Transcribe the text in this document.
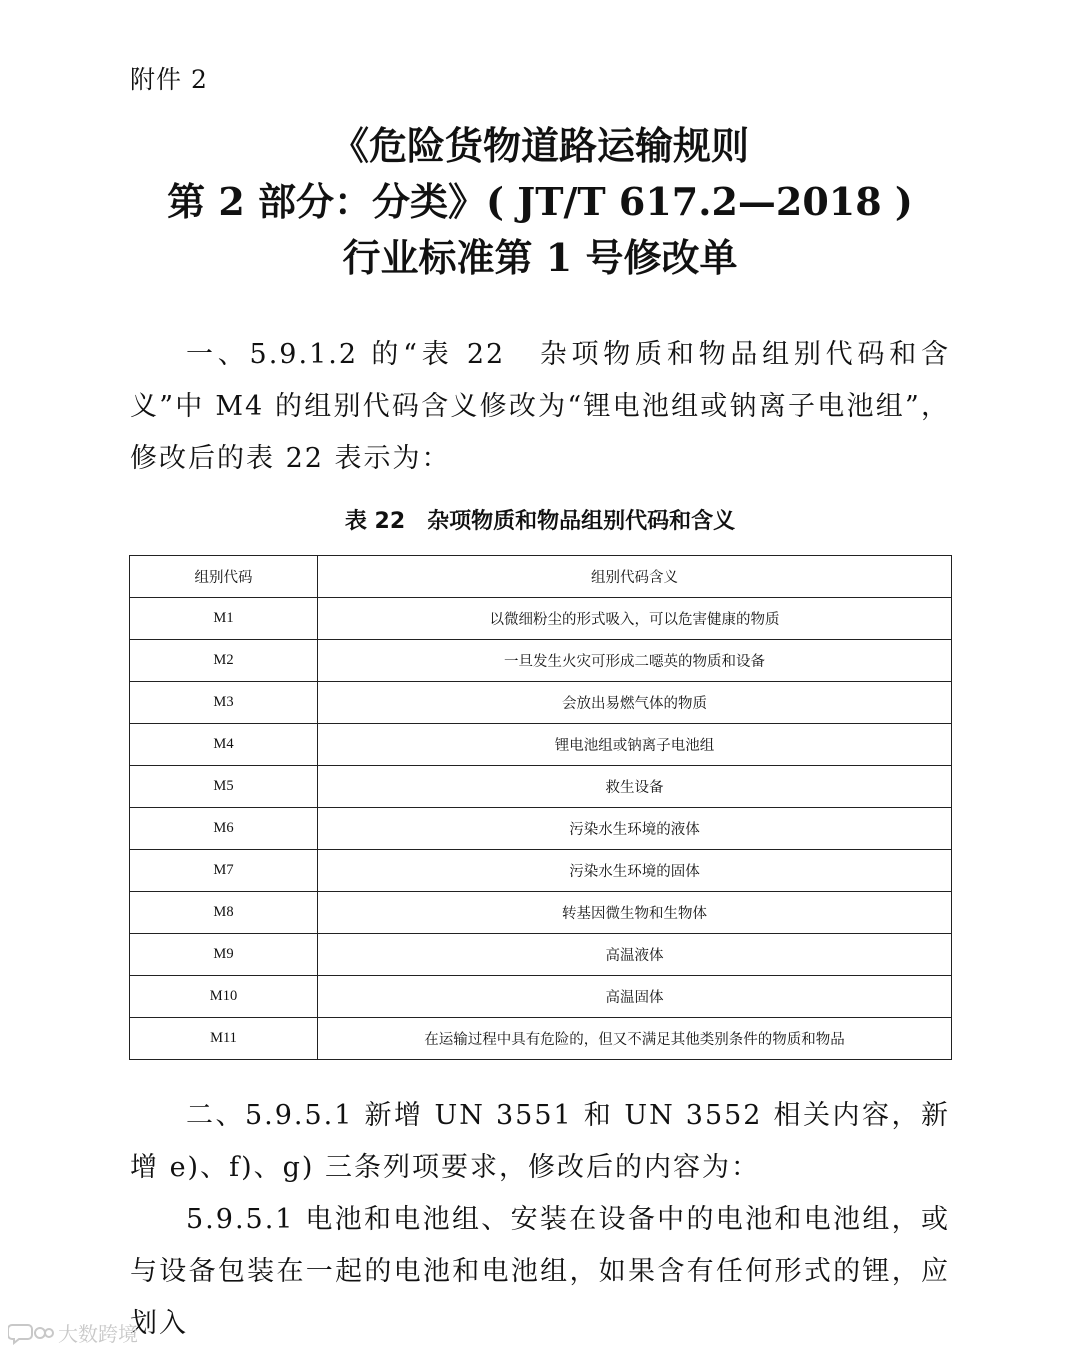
附件 2
《危险货物道路运输规则
第 2 部分：分类》( JT/T 617.2—2018 )
行业标准第 1 号修改单
一、5.9.1.2 的“表 22　杂项物质和物品组别代码和含义”中 M4 的组别代码含义修改为“锂电池组或钠离子电池组”，修改后的表 22 表示为：
表 22　杂项物质和物品组别代码和含义
组别代码	组别代码含义
M1	以微细粉尘的形式吸入，可以危害健康的物质
M2	一旦发生火灾可形成二噁英的物质和设备
M3	会放出易燃气体的物质
M4	锂电池组或钠离子电池组
M5	救生设备
M6	污染水生环境的液体
M7	污染水生环境的固体
M8	转基因微生物和生物体
M9	高温液体
M10	高温固体
M11	在运输过程中具有危险的，但又不满足其他类别条件的物质和物品
二、5.9.5.1 新增 UN 3551 和 UN 3552 相关内容，新增 e)、f)、g) 三条列项要求，修改后的内容为：
5.9.5.1 电池和电池组、安装在设备中的电池和电池组，或与设备包装在一起的电池和电池组，如果含有任何形式的锂，应划入
大数跨境
